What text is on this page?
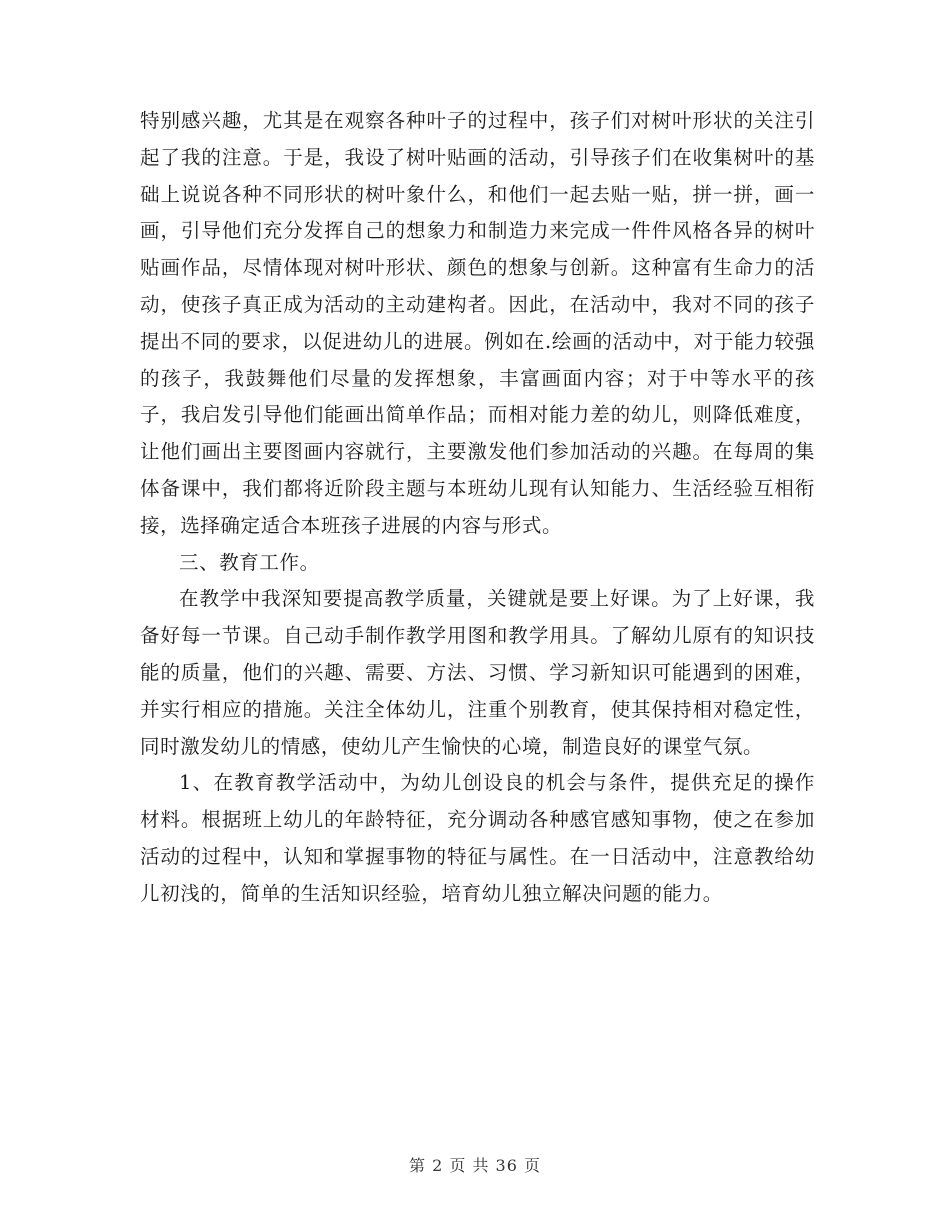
特别感兴趣，尤其是在观察各种叶子的过程中，孩子们对树叶形状的关注引起了我的注意。于是，我设了树叶贴画的活动，引导孩子们在收集树叶的基础上说说各种不同形状的树叶象什么，和他们一起去贴一贴，拼一拼，画一画，引导他们充分发挥自己的想象力和制造力来完成一件件风格各异的树叶贴画作品，尽情体现对树叶形状、颜色的想象与创新。这种富有生命力的活动，使孩子真正成为活动的主动建构者。因此，在活动中，我对不同的孩子提出不同的要求，以促进幼儿的进展。例如在.绘画的活动中，对于能力较强的孩子，我鼓舞他们尽量的发挥想象，丰富画面内容；对于中等水平的孩子，我启发引导他们能画出简单作品；而相对能力差的幼儿，则降低难度，让他们画出主要图画内容就行，主要激发他们参加活动的兴趣。在每周的集体备课中，我们都将近阶段主题与本班幼儿现有认知能力、生活经验互相衔接，选择确定适合本班孩子进展的内容与形式。

三、教育工作。

在教学中我深知要提高教学质量，关键就是要上好课。为了上好课，我备好每一节课。自己动手制作教学用图和教学用具。了解幼儿原有的知识技能的质量，他们的兴趣、需要、方法、习惯、学习新知识可能遇到的困难，并实行相应的措施。关注全体幼儿，注重个别教育，使其保持相对稳定性，同时激发幼儿的情感，使幼儿产生愉快的心境，制造良好的课堂气氛。

1、在教育教学活动中，为幼儿创设良的机会与条件，提供充足的操作材料。根据班上幼儿的年龄特征，充分调动各种感官感知事物，使之在参加活动的过程中，认知和掌握事物的特征与属性。在一日活动中，注意教给幼儿初浅的，简单的生活知识经验，培育幼儿独立解决问题的能力。

第 2 页 共 36 页
